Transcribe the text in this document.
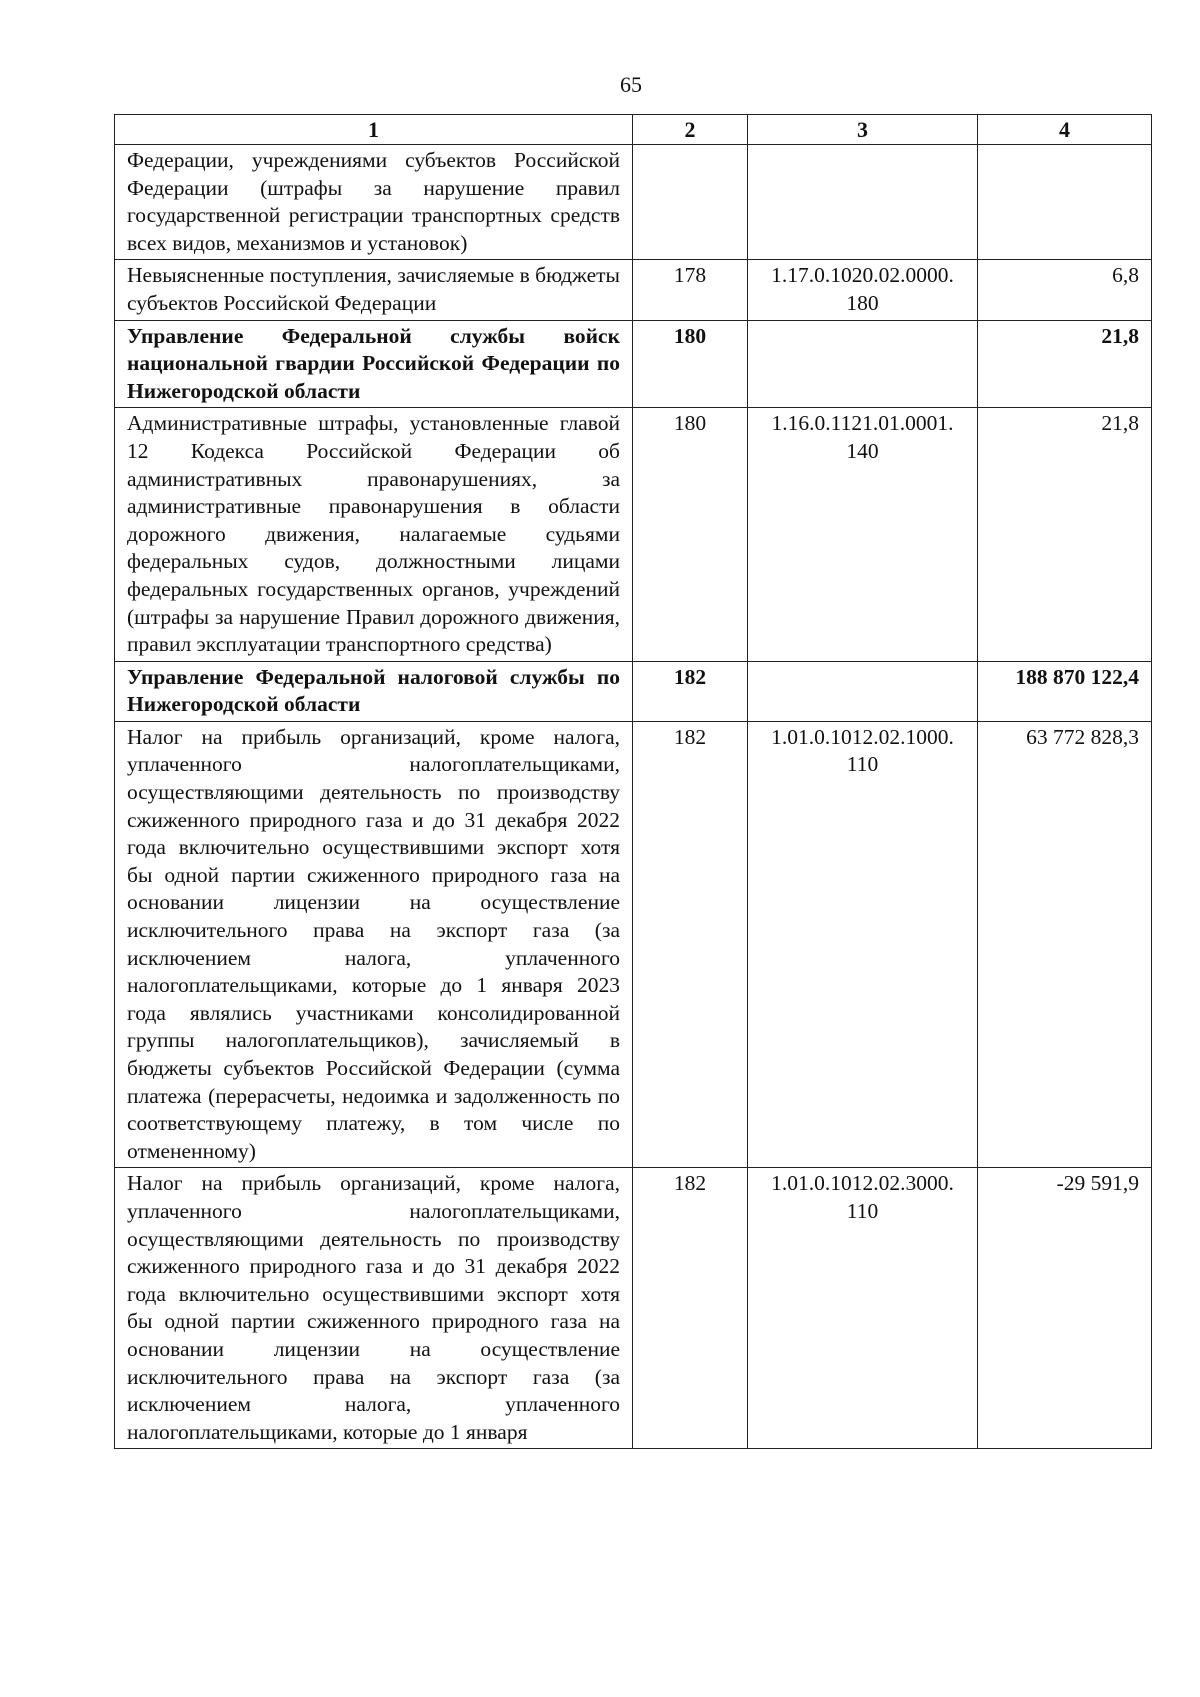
65
1	2	3	4
Федерации, учреждениями субъектов Российской Федерации (штрафы за нарушение правил государственной регистрации транспортных средств всех видов, механизмов и установок)			
Невыясненные поступления, зачисляемые в бюджеты субъектов Российской Федерации	178	1.17.0.1020.02.0000. 180	6,8
Управление Федеральной службы войск национальной гвардии Российской Федерации по Нижегородской области	180		21,8
Административные штрафы, установленные главой 12 Кодекса Российской Федерации об административных правонарушениях, за административные правонарушения в области дорожного движения, налагаемые судьями федеральных судов, должностными лицами федеральных государственных органов, учреждений (штрафы за нарушение Правил дорожного движения, правил эксплуатации транспортного средства)	180	1.16.0.1121.01.0001. 140	21,8
Управление Федеральной налоговой службы по Нижегородской области	182		188 870 122,4
Налог на прибыль организаций, кроме налога, уплаченного налогоплательщиками, осуществляющими деятельность по производству сжиженного природного газа и до 31 декабря 2022 года включительно осуществившими экспорт хотя бы одной партии сжиженного природного газа на основании лицензии на осуществление исключительного права на экспорт газа (за исключением налога, уплаченного налогоплательщиками, которые до 1 января 2023 года являлись участниками консолидированной группы налогоплательщиков), зачисляемый в бюджеты субъектов Российской Федерации (сумма платежа (перерасчеты, недоимка и задолженность по соответствующему платежу, в том числе по отмененному)	182	1.01.0.1012.02.1000. 110	63 772 828,3
Налог на прибыль организаций, кроме налога, уплаченного налогоплательщиками, осуществляющими деятельность по производству сжиженного природного газа и до 31 декабря 2022 года включительно осуществившими экспорт хотя бы одной партии сжиженного природного газа на основании лицензии на осуществление исключительного права на экспорт газа (за исключением налога, уплаченного налогоплательщиками, которые до 1 января	182	1.01.0.1012.02.3000. 110	-29 591,9
